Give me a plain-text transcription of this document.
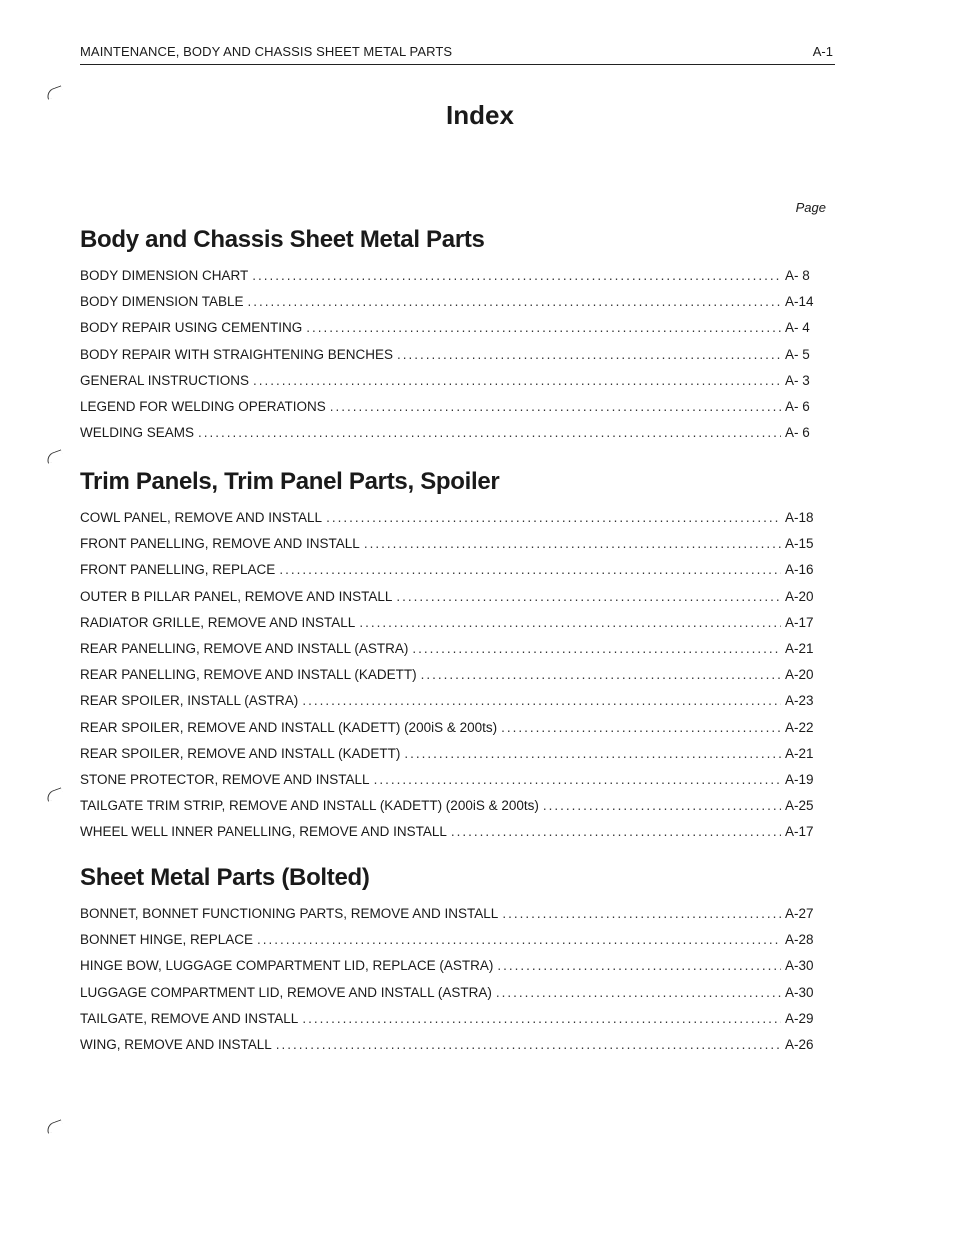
MAINTENANCE, BODY AND CHASSIS SHEET METAL PARTS	A-1
Index
Page
Body and Chassis Sheet Metal Parts
BODY DIMENSION CHART .....	A- 8
BODY DIMENSION TABLE .....	A-14
BODY REPAIR USING CEMENTING .....	A- 4
BODY REPAIR WITH STRAIGHTENING BENCHES .....	A- 5
GENERAL INSTRUCTIONS .....	A- 3
LEGEND FOR WELDING OPERATIONS .....	A- 6
WELDING SEAMS .....	A- 6
Trim Panels, Trim Panel Parts, Spoiler
COWL PANEL, REMOVE AND INSTALL .....	A-18
FRONT PANELLING, REMOVE AND INSTALL .....	A-15
FRONT PANELLING, REPLACE .....	A-16
OUTER B PILLAR PANEL, REMOVE AND INSTALL .....	A-20
RADIATOR GRILLE, REMOVE AND INSTALL .....	A-17
REAR PANELLING, REMOVE AND INSTALL (ASTRA) .....	A-21
REAR PANELLING, REMOVE AND INSTALL (KADETT) .....	A-20
REAR SPOILER, INSTALL (ASTRA) .....	A-23
REAR SPOILER, REMOVE AND INSTALL (KADETT) (200iS & 200ts) .....	A-22
REAR SPOILER, REMOVE AND INSTALL (KADETT) .....	A-21
STONE PROTECTOR, REMOVE AND INSTALL .....	A-19
TAILGATE TRIM STRIP, REMOVE AND INSTALL (KADETT) (200iS & 200ts) .....	A-25
WHEEL WELL INNER PANELLING, REMOVE AND INSTALL .....	A-17
Sheet Metal Parts (Bolted)
BONNET, BONNET FUNCTIONING PARTS, REMOVE AND INSTALL .....	A-27
BONNET HINGE, REPLACE .....	A-28
HINGE BOW, LUGGAGE COMPARTMENT LID, REPLACE (ASTRA) .....	A-30
LUGGAGE COMPARTMENT LID, REMOVE AND INSTALL (ASTRA) .....	A-30
TAILGATE, REMOVE AND INSTALL .....	A-29
WING, REMOVE AND INSTALL .....	A-26
